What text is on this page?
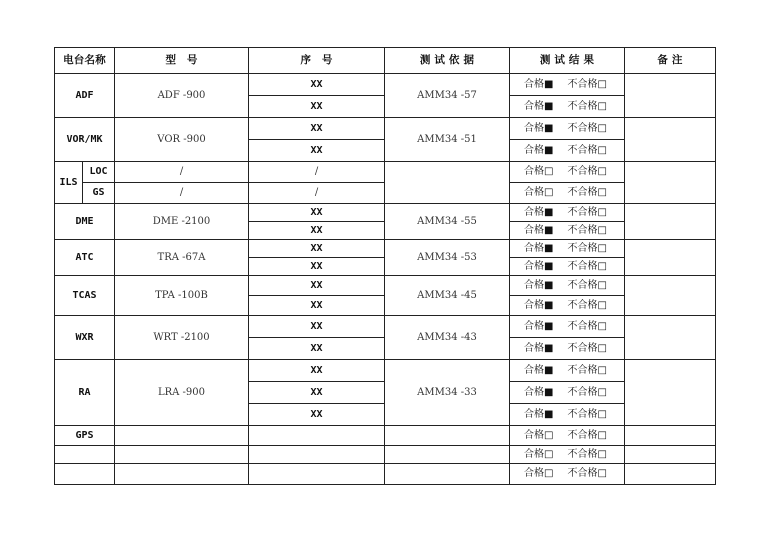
电台名称		型　号	序　号	测 试 依 据	测 试 结 果	备 注
ADF		ADF -900	XX	AMM34 -57	合格■ 不合格□	
			XX		合格■ 不合格□	
VOR/MK		VOR -900	XX	AMM34 -51	合格■ 不合格□	
			XX		合格■ 不合格□	
ILS	LOC	/	/		合格□ 不合格□	
	GS	/	/		合格□ 不合格□	
DME		DME -2100	XX	AMM34 -55	合格■ 不合格□	
			XX		合格■ 不合格□	
ATC		TRA -67A	XX	AMM34 -53	合格■ 不合格□	
			XX		合格■ 不合格□	
TCAS		TPA -100B	XX	AMM34 -45	合格■ 不合格□	
			XX		合格■ 不合格□	
WXR		WRT -2100	XX	AMM34 -43	合格■ 不合格□	
			XX		合格■ 不合格□	
RA		LRA -900	XX	AMM34 -33	合格■ 不合格□	
			XX		合格■ 不合格□	
			XX		合格■ 不合格□	
GPS					合格□ 不合格□	
					合格□ 不合格□	
					合格□ 不合格□	
